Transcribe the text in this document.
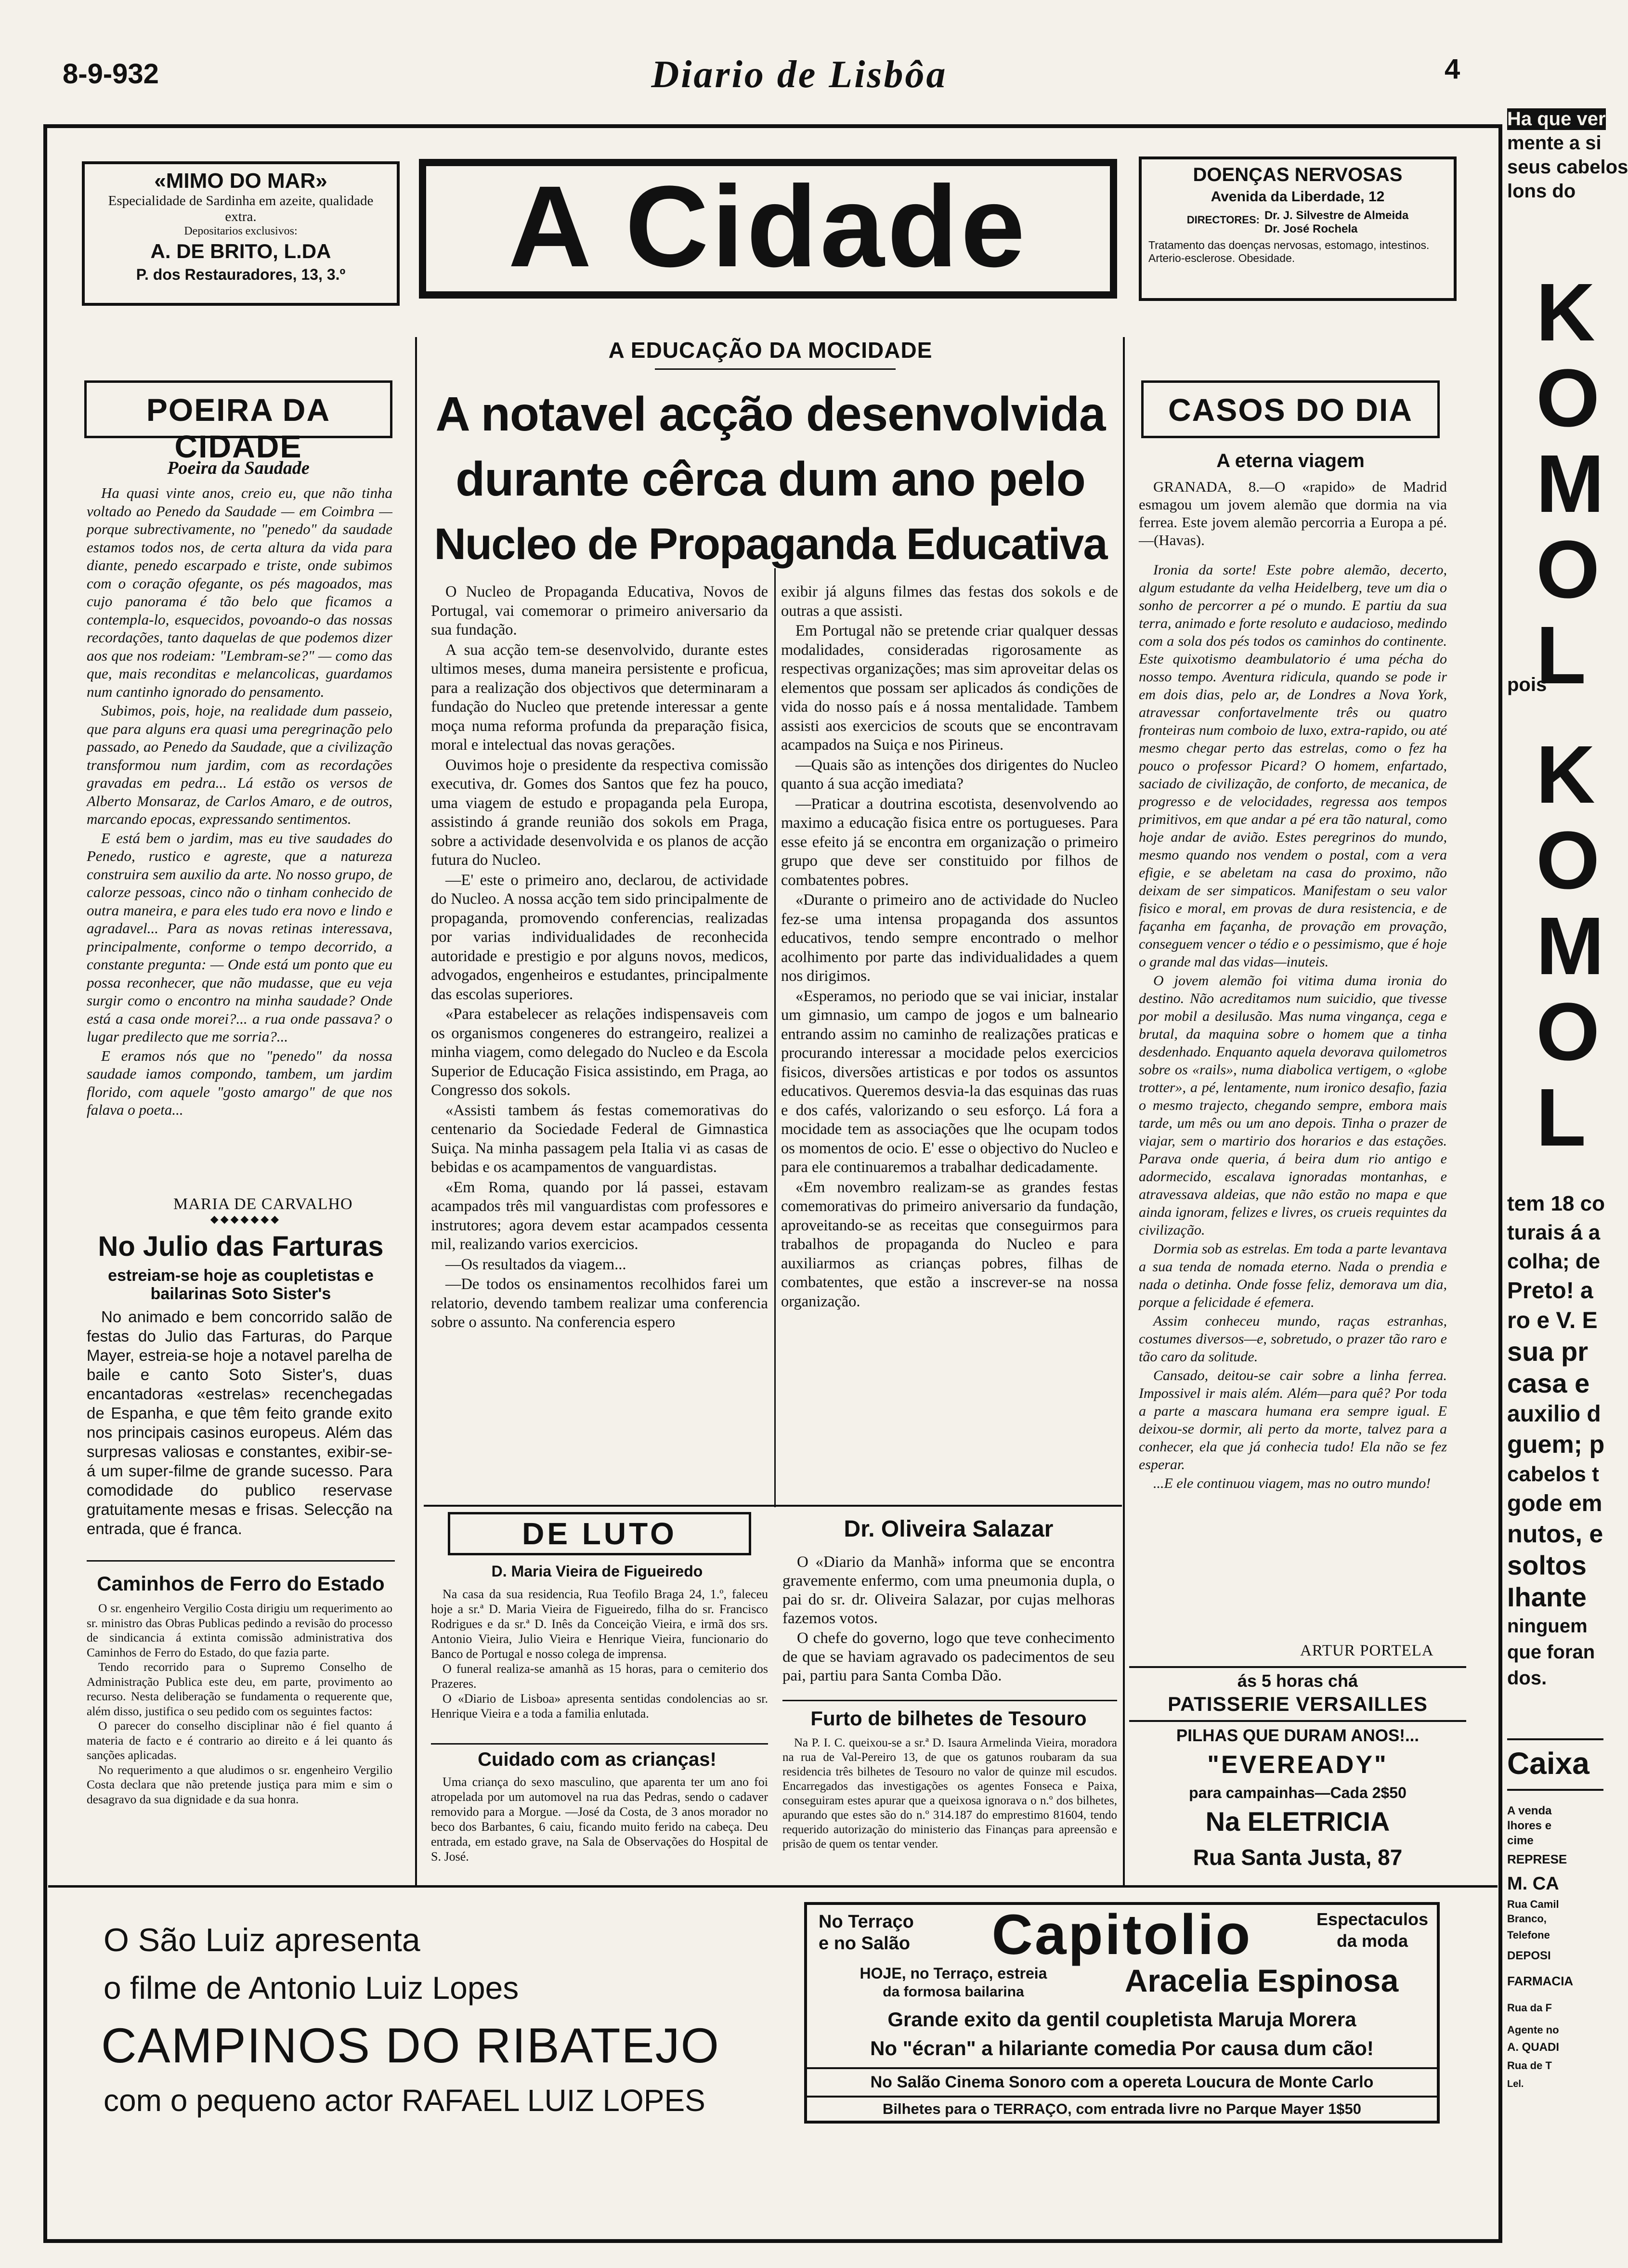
8-9-932	Diario de Lisbôa	4
«MIMO DO MAR»
Especialidade de Sardinha em azeite, qualidade extra.
Depositarios exclusivos:
A. DE BRITO, L.DA
P. dos Restauradores, 13, 3.º	A Cidade	DOENÇAS NERVOSAS
Avenida da Liberdade, 12
DIRECTORES: Dr. J. Silvestre de Almeida
Dr. José Rochela
Tratamento das doenças nervosas, estomago, intestinos. Arterio-esclerose. Obesidade.
POEIRA DA CIDADE
Poeira da Saudade

Ha quasi vinte anos, creio eu, que não tinha voltado ao Penedo da Saudade — em Coimbra — porque subrectivamente, no "penedo" da saudade estamos todos nos, de certa altura da vida para diante, penedo escarpado e triste, onde subimos com o coração ofegante, os pés magoados, mas cujo panorama é tão belo que ficamos a contempla-lo, esquecidos, povoando-o das nossas recordações, tanto daquelas de que podemos dizer aos que nos rodeiam: "Lembram-se?" — como das que, mais reconditas e melancolicas, guardamos num cantinho ignorado do pensamento.

Subimos, pois, hoje, na realidade dum passeio, que para alguns era quasi uma peregrinação pelo passado, ao Penedo da Saudade, que a civilização transformou num jardim, com as recordações gravadas em pedra... Lá estão os versos de Alberto Monsaraz, de Carlos Amaro, e de outros, marcando epocas, expressando sentimentos.

E está bem o jardim, mas eu tive saudades do Penedo, rustico e agreste, que a natureza construira sem auxilio da arte. No nosso grupo, de calorze pessoas, cinco não o tinham conhecido de outra maneira, e para eles tudo era novo e lindo e agradavel... Para as novas retinas interessava, principalmente, conforme o tempo decorrido, a constante pregunta: — Onde está um ponto que eu possa reconhecer, que não mudasse, que eu veja surgir como o encontro na minha saudade? Onde está a casa onde morei?... a rua onde passava? o lugar predilecto que me sorria?...

E eramos nós que no "penedo" da nossa saudade iamos compondo, tambem, um jardim florido, com aquele "gosto amargo" de que nos falava o poeta...

MARIA DE CARVALHO
◆◆◆◆◆◆◆
No Julio das Farturas
estreiam-se hoje as coupletistas e bailarinas Soto Sister's

No animado e bem concorrido salão de festas do Julio das Farturas, do Parque Mayer, estreia-se hoje a notavel parelha de baile e canto Soto Sister's, duas encantadoras «estrelas» recenchegadas de Espanha, e que têm feito grande exito nos principais casinos europeus. Além das surpresas valiosas e constantes, exibir-se-á um super-filme de grande sucesso. Para comodidade do publico reservase gratuitamente mesas e frisas. Selecção na entrada, que é franca.

Caminhos de Ferro do Estado

O sr. engenheiro Vergilio Costa dirigiu um requerimento ao sr. ministro das Obras Publicas pedindo a revisão do processo de sindicancia á extinta comissão administrativa dos Caminhos de Ferro do Estado, do que fazia parte.

Tendo recorrido para o Supremo Conselho de Administração Publica este deu, em parte, provimento ao recurso. Nesta deliberação se fundamenta o requerente que, além disso, justifica o seu pedido com os seguintes factos:

O parecer do conselho disciplinar não é fiel quanto á materia de facto e é contrario ao direito e á lei quanto ás sanções aplicadas.

No requerimento a que aludimos o sr. engenheiro Vergilio Costa declara que não pretende justiça para mim e sim o desagravo da sua dignidade e da sua honra.

A EDUCAÇÃO DA MOCIDADE
A notavel acção desenvolvida
durante cêrca dum ano pelo
Nucleo de Propaganda Educativa

O Nucleo de Propaganda Educativa, Novos de Portugal, vai comemorar o primeiro aniversario da sua fundação.

A sua acção tem-se desenvolvido, durante estes ultimos meses, duma maneira persistente e proficua, para a realização dos objectivos que determinaram a fundação do Nucleo que pretende interessar a gente moça numa reforma profunda da preparação fisica, moral e intelectual das novas gerações.

Ouvimos hoje o presidente da respectiva comissão executiva, dr. Gomes dos Santos que fez ha pouco, uma viagem de estudo e propaganda pela Europa, assistindo á grande reunião dos sokols em Praga, sobre a actividade desenvolvida e os planos de acção futura do Nucleo.

—E' este o primeiro ano, declarou, de actividade do Nucleo. A nossa acção tem sido principalmente de propaganda, promovendo conferencias, realizadas por varias individualidades de reconhecida autoridade e prestigio e por alguns novos, medicos, advogados, engenheiros e estudantes, principalmente das escolas superiores.

«Para estabelecer as relações indispensaveis com os organismos congeneres do estrangeiro, realizei a minha viagem, como delegado do Nucleo e da Escola Superior de Educação Fisica assistindo, em Praga, ao Congresso dos sokols.

«Assisti tambem ás festas comemorativas do centenario da Sociedade Federal de Gimnastica Suiça. Na minha passagem pela Italia vi as casas de bebidas e os acampamentos de vanguardistas.

«Em Roma, quando por lá passei, estavam acampados três mil vanguardistas com professores e instrutores; agora devem estar acampados cessenta mil, realizando varios exercicios.

—Os resultados da viagem...

—De todos os ensinamentos recolhidos farei um relatorio, devendo tambem realizar uma conferencia sobre o assunto. Na conferencia espero

exibir já alguns filmes das festas dos sokols e de outras a que assisti.

Em Portugal não se pretende criar qualquer dessas modalidades, consideradas rigorosamente as respectivas organizações; mas sim aproveitar delas os elementos que possam ser aplicados ás condições de vida do nosso país e á nossa mentalidade. Tambem assisti aos exercicios de scouts que se encontravam acampados na Suiça e nos Pirineus.

—Quais são as intenções dos dirigentes do Nucleo quanto á sua acção imediata?

—Praticar a doutrina escotista, desenvolvendo ao maximo a educação fisica entre os portugueses. Para esse efeito já se encontra em organização o primeiro grupo que deve ser constituido por filhos de combatentes pobres.

«Durante o primeiro ano de actividade do Nucleo fez-se uma intensa propaganda dos assuntos educativos, tendo sempre encontrado o melhor acolhimento por parte das individualidades a quem nos dirigimos.

«Esperamos, no periodo que se vai iniciar, instalar um gimnasio, um campo de jogos e um balneario entrando assim no caminho de realizações praticas e procurando interessar a mocidade pelos exercicios fisicos, diversões artisticas e por todos os assuntos educativos. Queremos desvia-la das esquinas das ruas e dos cafés, valorizando o seu esforço. Lá fora a mocidade tem as associações que lhe ocupam todos os momentos de ocio. E' esse o objectivo do Nucleo e para ele continuaremos a trabalhar dedicadamente.

«Em novembro realizam-se as grandes festas comemorativas do primeiro aniversario da fundação, aproveitando-se as receitas que conseguirmos para trabalhos de propaganda do Nucleo e para auxiliarmos as crianças pobres, filhas de combatentes, que estão a inscrever-se na nossa organização.

DE LUTO
D. Maria Vieira de Figueiredo

Na casa da sua residencia, Rua Teofilo Braga 24, 1.º, faleceu hoje a sr.ª D. Maria Vieira de Figueiredo, filha do sr. Francisco Rodrigues e da sr.ª D. Inês da Conceição Vieira, e irmã dos srs. Antonio Vieira, Julio Vieira e Henrique Vieira, funcionario do Banco de Portugal e nosso colega de imprensa.

O funeral realiza-se amanhã as 15 horas, para o cemiterio dos Prazeres.

O «Diario de Lisboa» apresenta sentidas condolencias ao sr. Henrique Vieira e a toda a familia enlutada.

Cuidado com as crianças!

Uma criança do sexo masculino, que aparenta ter um ano foi atropelada por um automovel na rua das Pedras, sendo o cadaver removido para a Morgue. —José da Costa, de 3 anos morador no beco dos Barbantes, 6 caiu, ficando muito ferido na cabeça. Deu entrada, em estado grave, na Sala de Observações do Hospital de S. José.

Dr. Oliveira Salazar

O «Diario da Manhã» informa que se encontra gravemente enfermo, com uma pneumonia dupla, o pai do sr. dr. Oliveira Salazar, por cujas melhoras fazemos votos.

O chefe do governo, logo que teve conhecimento de que se haviam agravado os padecimentos de seu pai, partiu para Santa Comba Dão.

Furto de bilhetes de Tesouro

Na P. I. C. queixou-se a sr.ª D. Isaura Armelinda Vieira, moradora na rua de Val-Pereiro 13, de que os gatunos roubaram da sua residencia três bilhetes de Tesouro no valor de quinze mil escudos. Encarregados das investigações os agentes Fonseca e Paixa, conseguiram estes apurar que a queixosa ignorava o n.º dos bilhetes, apurando que estes são do n.º 314.187 do emprestimo 81604, tendo requerido autorização do ministerio das Finanças para apreensão e prisão de quem os tentar vender.

CASOS DO DIA
A eterna viagem

GRANADA, 8.—O «rapido» de Madrid esmagou um jovem alemão que dormia na via ferrea. Este jovem alemão percorria a Europa a pé.—(Havas).

Ironia da sorte! Este pobre alemão, decerto, algum estudante da velha Heidelberg, teve um dia o sonho de percorrer a pé o mundo. E partiu da sua terra, animado e forte resoluto e audacioso, medindo com a sola dos pés todos os caminhos do continente. Este quixotismo deambulatorio é uma pécha do nosso tempo. Aventura ridicula, quando se pode ir em dois dias, pelo ar, de Londres a Nova York, atravessar confortavelmente três ou quatro fronteiras num comboio de luxo, extra-rapido, ou até mesmo chegar perto das estrelas, como o fez ha pouco o professor Picard? O homem, enfartado, saciado de civilização, de conforto, de mecanica, de progresso e de velocidades, regressa aos tempos primitivos, em que andar a pé era tão natural, como hoje andar de avião. Estes peregrinos do mundo, mesmo quando nos vendem o postal, com a vera efigie, e se abeletam na casa do proximo, não deixam de ser simpaticos. Manifestam o seu valor fisico e moral, em provas de dura resistencia, e de façanha em façanha, de provação em provação, conseguem vencer o tédio e o pessimismo, que é hoje o grande mal das vidas—inuteis.

O jovem alemão foi vitima duma ironia do destino. Não acreditamos num suicidio, que tivesse por mobil a desilusão. Mas numa vingança, cega e brutal, da maquina sobre o homem que a tinha desdenhado. Enquanto aquela devorava quilometros sobre os «rails», numa diabolica vertigem, o «globe trotter», a pé, lentamente, num ironico desafio, fazia o mesmo trajecto, chegando sempre, embora mais tarde, um mês ou um ano depois. Tinha o prazer de viajar, sem o martirio dos horarios e das estações. Parava onde queria, á beira dum rio antigo e adormecido, escalava ignoradas montanhas, e atravessava aldeias, que não estão no mapa e que ainda ignoram, felizes e livres, os crueis requintes da civilização.

Dormia sob as estrelas. Em toda a parte levantava a sua tenda de nomada eterno. Nada o prendia e nada o detinha. Onde fosse feliz, demorava um dia, porque a felicidade é efemera.

Assim conheceu mundo, raças estranhas, costumes diversos—e, sobretudo, o prazer tão raro e tão caro da solitude.

Cansado, deitou-se cair sobre a linha ferrea. Impossivel ir mais além. Além—para quê? Por toda a parte a mascara humana era sempre igual. E deixou-se dormir, ali perto da morte, talvez para a conhecer, ela que já conhecia tudo! Ela não se fez esperar.

...E ele continuou viagem, mas no outro mundo!

ARTUR PORTELA
ás 5 horas chá
PATISSERIE VERSAILLES
PILHAS QUE DURAM ANOS!...
"EVEREADY"
para campainhas—Cada 2$50
Na ELETRICIA
Rua Santa Justa, 87
O São Luiz apresenta
o filme de Antonio Luiz Lopes
CAMPINOS DO RIBATEJO
com o pequeno actor RAFAEL LUIZ LOPES
No Terraço
e no Salão	Capitolio	Espectaculos
da moda
HOJE, no Terraço, estreia
da formosa bailarina	Aracelia Espinosa
Grande exito da gentil coupletista Maruja Morera
No "écran" a hilariante comedia Por causa dum cão!
No Salão Cinema Sonoro com a opereta Loucura de Monte Carlo
Bilhetes para o TERRAÇO, com entrada livre no Parque Mayer 1$50
Ha que ver
mente a si
seus cabelos
lons do
KOMOL
pois
KOMOL
tem 18 co
turais á a
colha; de
Preto! a
ro e V. E
sua pr
casa e
auxilio d
guem; p
cabelos t
gode em
nutos, e
soltos
Ihante
ninguem
que foran
dos.
Caixa
A venda
lhores e
cime
REPRESE
M. CA
Rua Camil
Branco,
Telefone
DEPOSI
FARMACIA
Rua da F
Agente no
A. QUADI
Rua de T
Lel.
